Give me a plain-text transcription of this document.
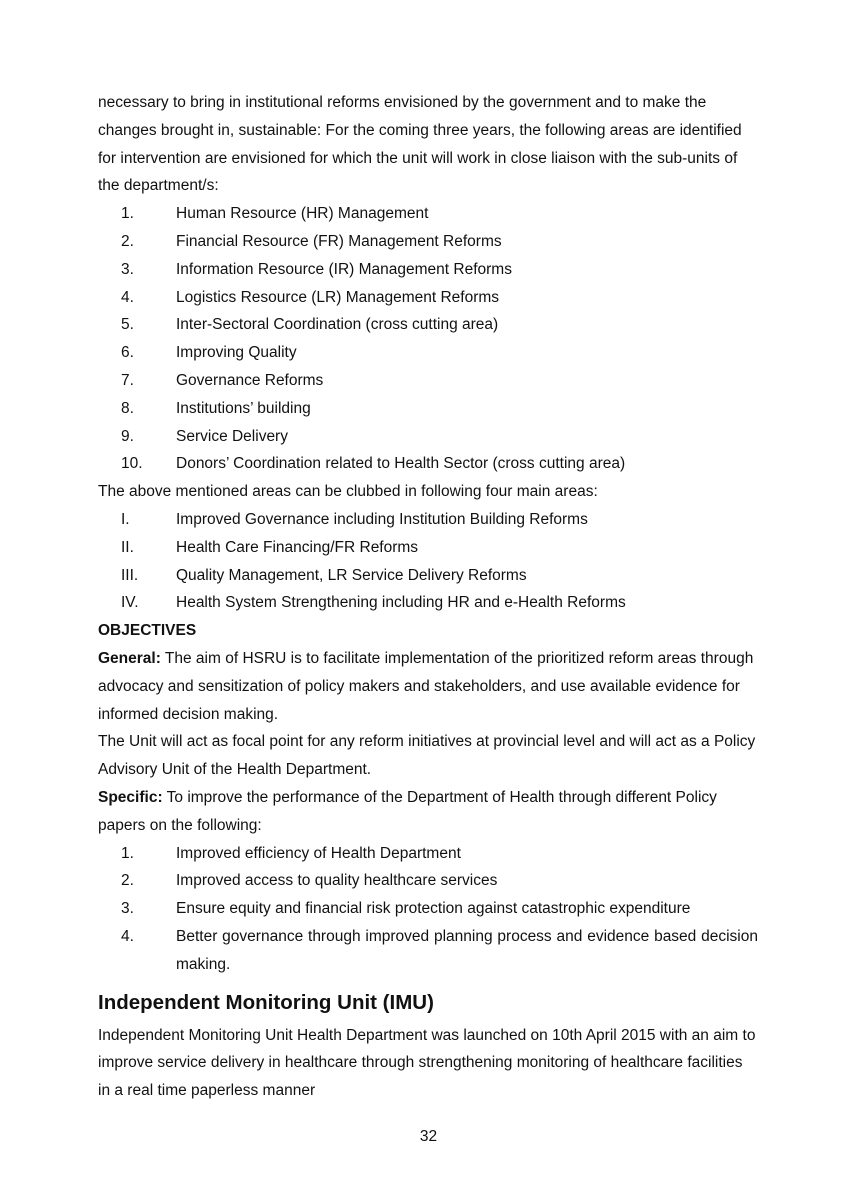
necessary to bring in institutional reforms envisioned by the government and to make the changes brought in, sustainable: For the coming three years, the following areas are identified for intervention are envisioned for which the unit will work in close liaison with the sub-units of the department/s:

1.	Human Resource (HR) Management
2.	Financial Resource (FR) Management Reforms
3.	Information Resource (IR) Management Reforms
4.	Logistics Resource (LR) Management Reforms
5.	Inter-Sectoral Coordination (cross cutting area)
6.	Improving Quality
7.	Governance Reforms
8.	Institutions’ building
9.	Service Delivery
10.	Donors’ Coordination related to Health Sector (cross cutting area)

The above mentioned areas can be clubbed in following four main areas:

I.	Improved Governance including Institution Building Reforms
II.	Health Care Financing/FR Reforms
III.	Quality Management, LR Service Delivery Reforms
IV.	Health System Strengthening including HR and e-Health Reforms

OBJECTIVES

General: The aim of HSRU is to facilitate implementation of the prioritized reform areas through advocacy and sensitization of policy makers and stakeholders, and use available evidence for informed decision making.

The Unit will act as focal point for any reform initiatives at provincial level and will act as a Policy Advisory Unit of the Health Department.

Specific: To improve the performance of the Department of Health through different Policy papers on the following:

1.	Improved efficiency of Health Department
2.	Improved access to quality healthcare services
3.	Ensure equity and financial risk protection against catastrophic expenditure
4.	Better governance through improved planning process and evidence based decision making.
Independent Monitoring Unit (IMU)

Independent Monitoring Unit Health Department was launched on 10th April 2015 with an aim to improve service delivery in healthcare through strengthening monitoring of healthcare facilities in a real time paperless manner

32
